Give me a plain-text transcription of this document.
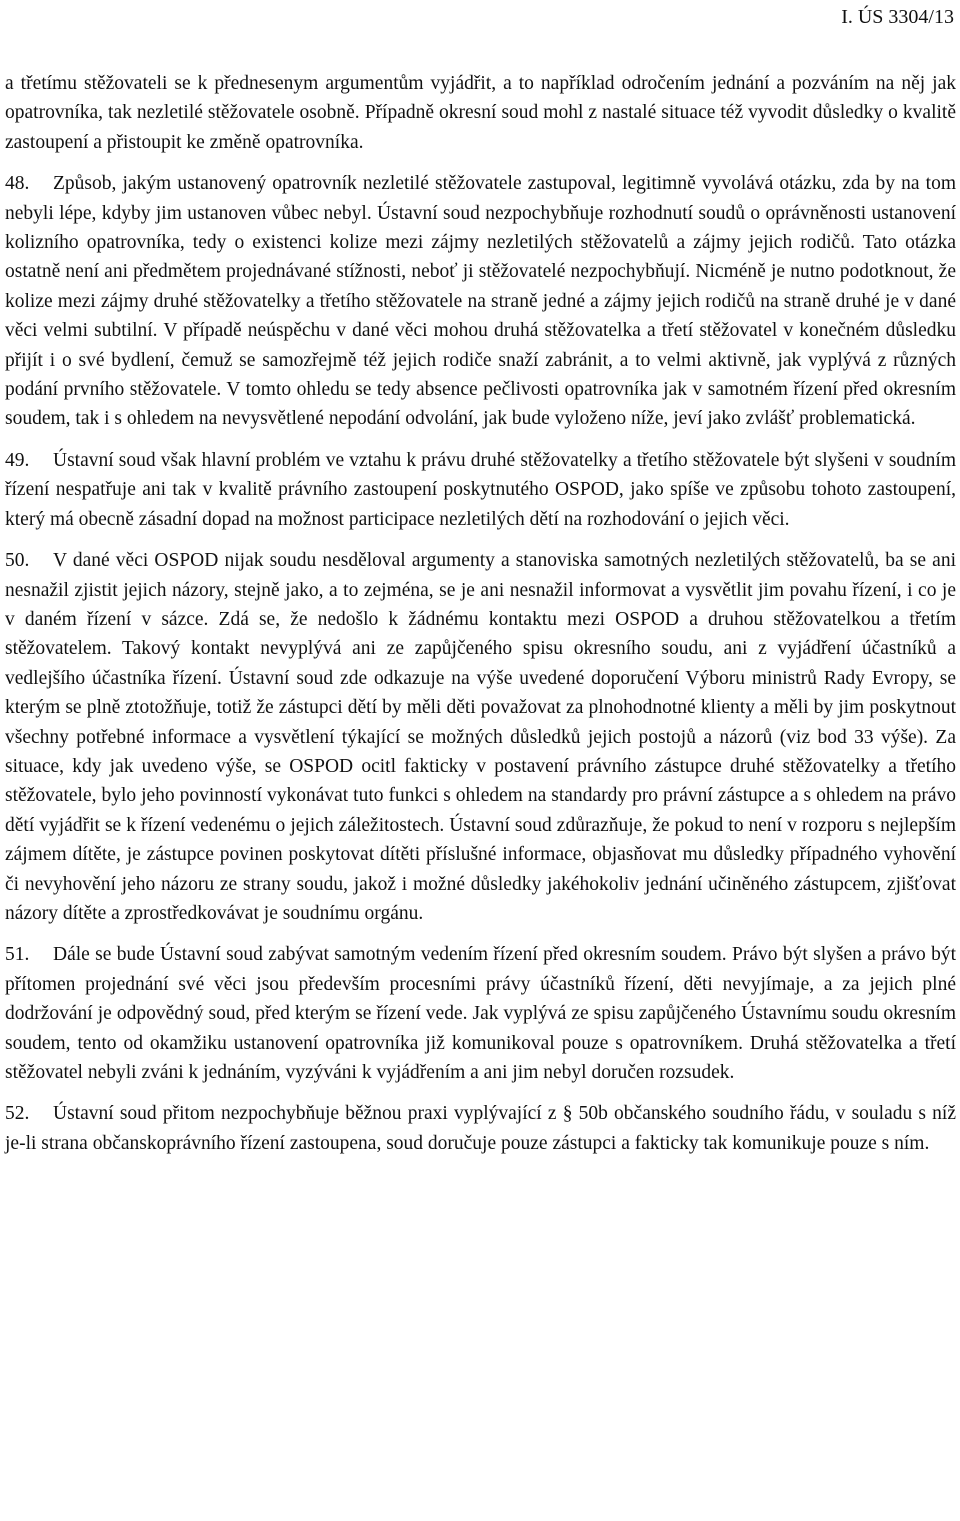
I. ÚS 3304/13

a třetímu stěžovateli se k přednesenym argumentům vyjádřit, a to například odročením jednání a pozváním na něj jak opatrovníka, tak nezletilé stěžovatele osobně. Případně okresní soud mohl z nastalé situace též vyvodit důsledky o kvalitě zastoupení a přistoupit ke změně opatrovníka.

48. Způsob, jakým ustanovený opatrovník nezletilé stěžovatele zastupoval, legitimně vyvolává otázku, zda by na tom nebyli lépe, kdyby jim ustanoven vůbec nebyl. Ústavní soud nezpochybňuje rozhodnutí soudů o oprávněnosti ustanovení kolizního opatrovníka, tedy o existenci kolize mezi zájmy nezletilých stěžovatelů a zájmy jejich rodičů. Tato otázka ostatně není ani předmětem projednávané stížnosti, neboť ji stěžovatelé nezpochybňují. Nicméně je nutno podotknout, že kolize mezi zájmy druhé stěžovatelky a třetího stěžovatele na straně jedné a zájmy jejich rodičů na straně druhé je v dané věci velmi subtilní. V případě neúspěchu v dané věci mohou druhá stěžovatelka a třetí stěžovatel v konečném důsledku přijít i o své bydlení, čemuž se samozřejmě též jejich rodiče snaží zabránit, a to velmi aktivně, jak vyplývá z různých podání prvního stěžovatele. V tomto ohledu se tedy absence pečlivosti opatrovníka jak v samotném řízení před okresním soudem, tak i s ohledem na nevysvětlené nepodání odvolání, jak bude vyloženo níže, jeví jako zvlášť problematická.

49. Ústavní soud však hlavní problém ve vztahu k právu druhé stěžovatelky a třetího stěžovatele být slyšeni v soudním řízení nespatřuje ani tak v kvalitě právního zastoupení poskytnutého OSPOD, jako spíše ve způsobu tohoto zastoupení, který má obecně zásadní dopad na možnost participace nezletilých dětí na rozhodování o jejich věci.

50. V dané věci OSPOD nijak soudu nesděloval argumenty a stanoviska samotných nezletilých stěžovatelů, ba se ani nesnažil zjistit jejich názory, stejně jako, a to zejména, se je ani nesnažil informovat a vysvětlit jim povahu řízení, i co je v daném řízení v sázce. Zdá se, že nedošlo k žádnému kontaktu mezi OSPOD a druhou stěžovatelkou a třetím stěžovatelem. Takový kontakt nevyplývá ani ze zapůjčeného spisu okresního soudu, ani z vyjádření účastníků a vedlejšího účastníka řízení. Ústavní soud zde odkazuje na výše uvedené doporučení Výboru ministrů Rady Evropy, se kterým se plně ztotožňuje, totiž že zástupci dětí by měli děti považovat za plnohodnotné klienty a měli by jim poskytnout všechny potřebné informace a vysvětlení týkající se možných důsledků jejich postojů a názorů (viz bod 33 výše). Za situace, kdy jak uvedeno výše, se OSPOD ocitl fakticky v postavení právního zástupce druhé stěžovatelky a třetího stěžovatele, bylo jeho povinností vykonávat tuto funkci s ohledem na standardy pro právní zástupce a s ohledem na právo dětí vyjádřit se k řízení vedenému o jejich záležitostech. Ústavní soud zdůrazňuje, že pokud to není v rozporu s nejlepším zájmem dítěte, je zástupce povinen poskytovat dítěti příslušné informace, objasňovat mu důsledky případného vyhovění či nevyhovění jeho názoru ze strany soudu, jakož i možné důsledky jakéhokoliv jednání učiněného zástupcem, zjišťovat názory dítěte a zprostředkovávat je soudnímu orgánu.

51. Dále se bude Ústavní soud zabývat samotným vedením řízení před okresním soudem. Právo být slyšen a právo být přítomen projednání své věci jsou především procesními právy účastníků řízení, děti nevyjímaje, a za jejich plné dodržování je odpovědný soud, před kterým se řízení vede. Jak vyplývá ze spisu zapůjčeného Ústavnímu soudu okresním soudem, tento od okamžiku ustanovení opatrovníka již komunikoval pouze s opatrovníkem. Druhá stěžovatelka a třetí stěžovatel nebyli zváni k jednáním, vyzýváni k vyjádřením a ani jim nebyl doručen rozsudek.

52. Ústavní soud přitom nezpochybňuje běžnou praxi vyplývající z § 50b občanského soudního řádu, v souladu s níž je-li strana občanskoprávního řízení zastoupena, soud doručuje pouze zástupci a fakticky tak komunikuje pouze s ním.
